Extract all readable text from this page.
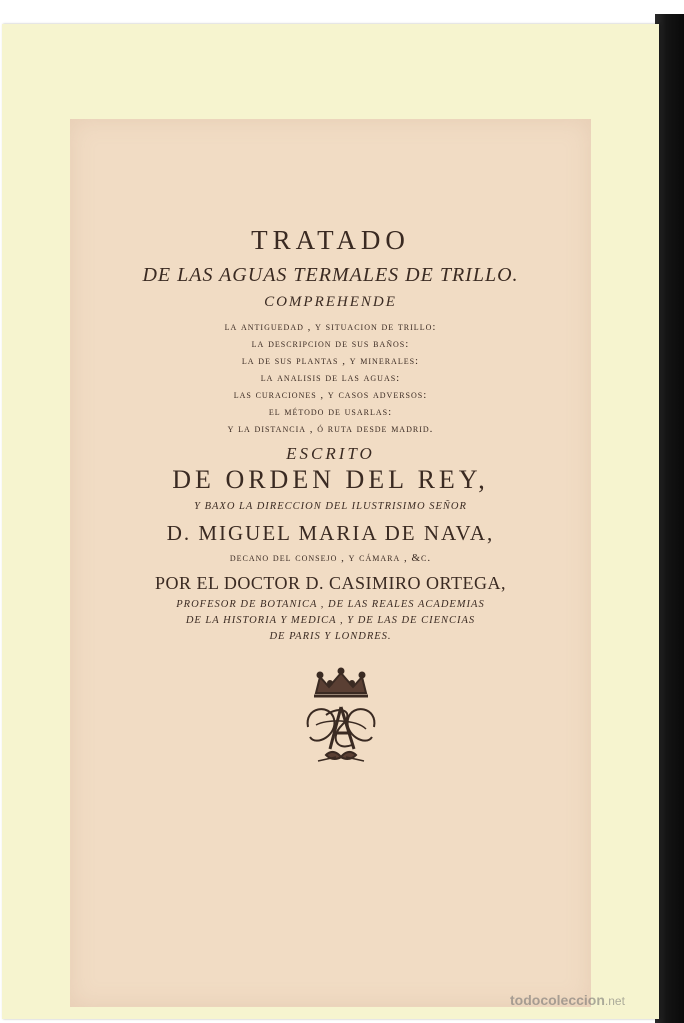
TRATADO
DE LAS AGUAS TERMALES DE TRILLO.
COMPREHENDE
la antiguedad , y situacion de trillo:
la descripcion de sus baños:
la de sus plantas , y minerales:
la analisis de las aguas:
las curaciones , y casos adversos:
el método de usarlas:
y la distancia , ó ruta desde madrid.
ESCRITO
DE ORDEN DEL REY,
Y BAXO LA DIRECCION DEL ILUSTRISIMO SEÑOR
D. MIGUEL MARIA DE NAVA,
decano del consejo , y cámara , &c.
POR EL DOCTOR D. CASIMIRO ORTEGA,
PROFESOR DE BOTANICA , DE LAS REALES ACADEMIAS
DE LA HISTORIA Y MEDICA , Y DE LAS DE CIENCIAS
DE PARIS Y LONDRES.
todocoleccion.net
